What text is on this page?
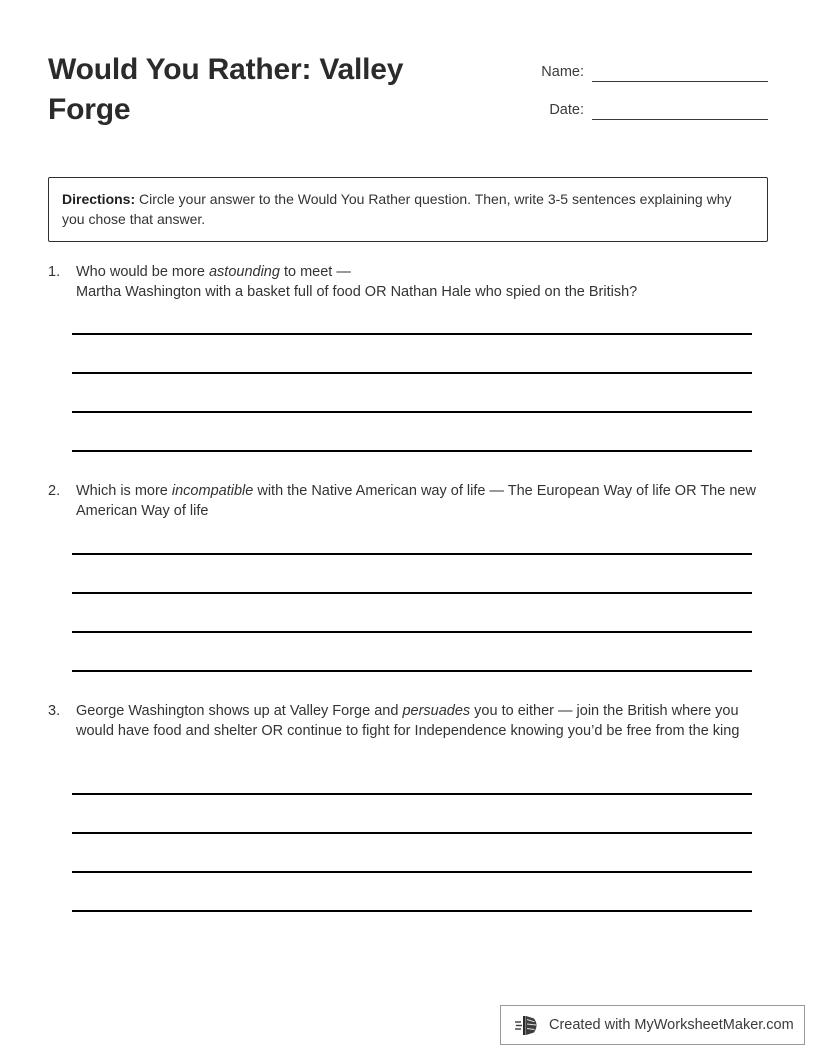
Would You Rather: Valley Forge
Name:
Date:
Directions: Circle your answer to the Would You Rather question. Then, write 3-5 sentences explaining why you chose that answer.
1.	Who would be more astounding to meet —
Martha Washington with a basket full of food OR Nathan Hale who spied on the British?
2.	Which is more incompatible with the Native American way of life — The European Way of life OR The new American Way of life
3.	George Washington shows up at Valley Forge and persuades you to either — join the British where you would have food and shelter OR continue to fight for Independence knowing you’d be free from the king
Created with MyWorksheetMaker.com
